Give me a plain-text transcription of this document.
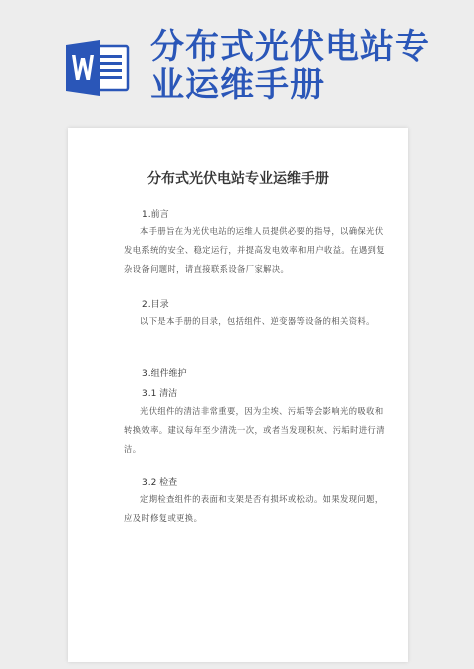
分布式光伏电站专业运维手册
分布式光伏电站专业运维手册

1.前言

本手册旨在为光伏电站的运维人员提供必要的指导，以确保光伏发电系统的安全、稳定运行，并提高发电效率和用户收益。在遇到复杂设备问题时，请直接联系设备厂家解决。

2.目录

以下是本手册的目录，包括组件、逆变器等设备的相关资料。

3.组件维护

3.1 清洁

光伏组件的清洁非常重要，因为尘埃、污垢等会影响光的吸收和转换效率。建议每年至少清洗一次，或者当发现积灰、污垢时进行清洁。

3.2 检查

定期检查组件的表面和支架是否有损坏或松动。如果发现问题，应及时修复或更换。
